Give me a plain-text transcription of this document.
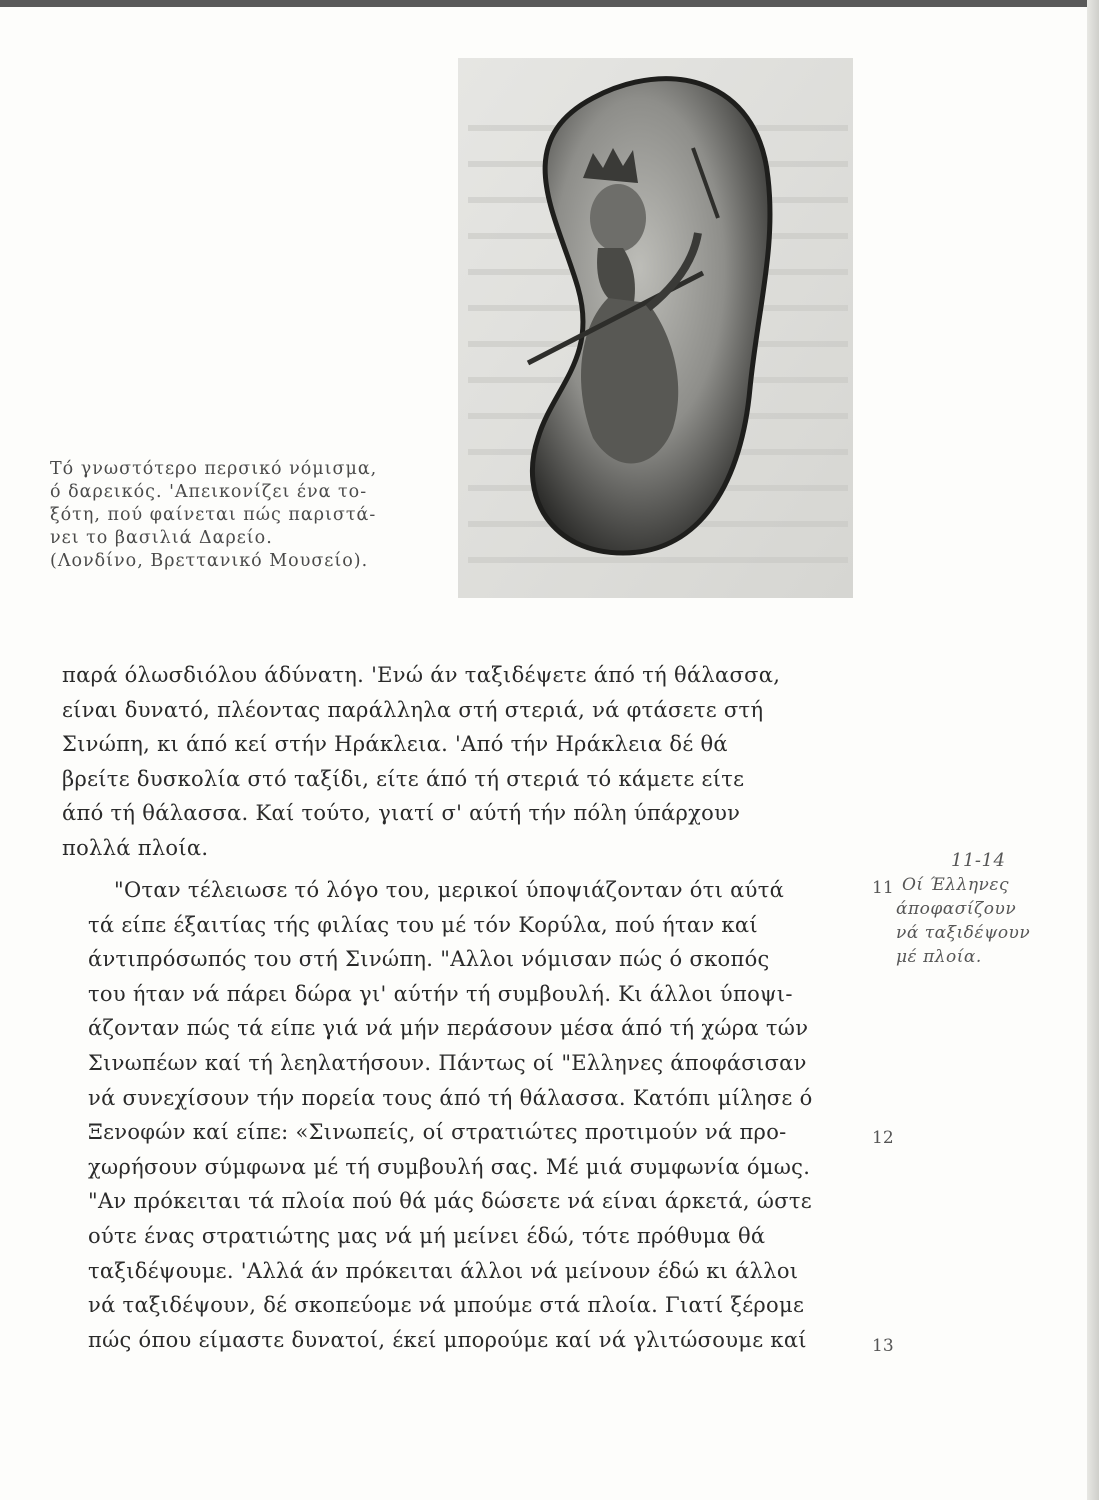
Τό γνωστότερο περσικό νόμισμα,
ό δαρεικός. 'Απεικονίζει ένα το-
ξότη, πού φαίνεται πώς παριστά-
νει το βασιλιά Δαρείο.
(Λονδίνο, Βρεττανικό Μουσείο).
παρά όλωσδιόλου άδύνατη. 'Ενώ άν ταξιδέψετε άπό τή θάλασσα,
είναι δυνατό, πλέοντας παράλληλα στή στεριά, νά φτάσετε στή
Σινώπη, κι άπό κεί στήν Ηράκλεια. 'Από τήν Ηράκλεια δέ θά
βρείτε δυσκολία στό ταξίδι, είτε άπό τή στεριά τό κάμετε είτε
άπό τή θάλασσα. Καί τούτο, γιατί σ' αύτή τήν πόλη ύπάρχουν
πολλά πλοία.
"Οταν τέλειωσε τό λόγο του, μερικοί ύποψιάζονταν ότι αύτά
τά είπε έξαιτίας τής φιλίας του μέ τόν Κορύλα, πού ήταν καί
άντιπρόσωπός του στή Σινώπη. "Αλλοι νόμισαν πώς ό σκοπός
του ήταν νά πάρει δώρα γι' αύτήν τή συμβουλή. Κι άλλοι ύποψι-
άζονταν πώς τά είπε γιά νά μήν περάσουν μέσα άπό τή χώρα τών
Σινωπέων καί τή λεηλατήσουν. Πάντως οί "Ελληνες άποφάσισαν
νά συνεχίσουν τήν πορεία τους άπό τή θάλασσα. Κατόπι μίλησε ό
Ξενοφών καί είπε: «Σινωπείς, οί στρατιώτες προτιμούν νά προ-
χωρήσουν σύμφωνα μέ τή συμβουλή σας. Μέ μιά συμφωνία όμως.
"Αν πρόκειται τά πλοία πού θά μάς δώσετε νά είναι άρκετά, ώστε
ούτε ένας στρατιώτης μας νά μή μείνει έδώ, τότε πρόθυμα θά
ταξιδέψουμε. 'Αλλά άν πρόκειται άλλοι νά μείνουν έδώ κι άλλοι
νά ταξιδέψουν, δέ σκοπεύομε νά μπούμε στά πλοία. Γιατί ξέρομε
πώς όπου είμαστε δυνατοί, έκεί μπορούμε καί νά γλιτώσουμε καί
11-14
Οί Έλληνες
άποφασίζουν
νά ταξιδέψουν
μέ πλοία.
11
12
13
